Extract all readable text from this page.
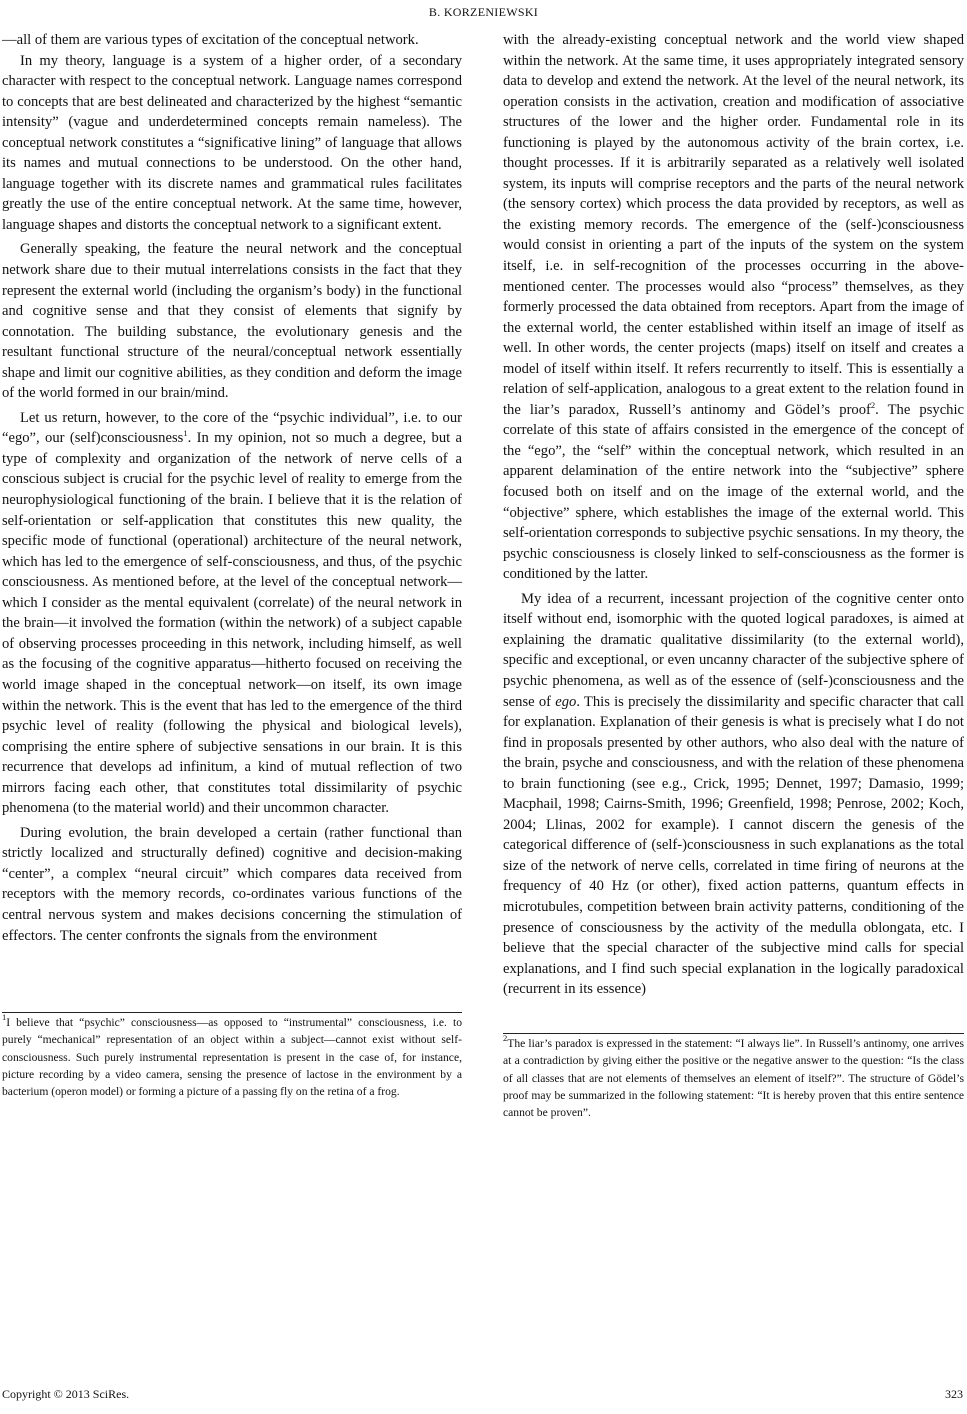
B. KORZENIEWSKI

—all of them are various types of excitation of the conceptual network.

In my theory, language is a system of a higher order, of a secondary character with respect to the conceptual network. Language names correspond to concepts that are best delineated and characterized by the highest “semantic intensity” (vague and underdetermined concepts remain nameless). The conceptual network constitutes a “significative lining” of language that allows its names and mutual connections to be understood. On the other hand, language together with its discrete names and grammatical rules facilitates greatly the use of the entire conceptual network. At the same time, however, language shapes and distorts the conceptual network to a significant extent.

Generally speaking, the feature the neural network and the conceptual network share due to their mutual interrelations consists in the fact that they represent the external world (including the organism’s body) in the functional and cognitive sense and that they consist of elements that signify by connotation. The building substance, the evolutionary genesis and the resultant functional structure of the neural/conceptual network essentially shape and limit our cognitive abilities, as they condition and deform the image of the world formed in our brain/mind.

Let us return, however, to the core of the “psychic individual”, i.e. to our “ego”, our (self)consciousness$^1$. In my opinion, not so much a degree, but a type of complexity and organization of the network of nerve cells of a conscious subject is crucial for the psychic level of reality to emerge from the neurophysiological functioning of the brain. I believe that it is the relation of self-orientation or self-application that constitutes this new quality, the specific mode of functional (operational) architecture of the neural network, which has led to the emergence of self-consciousness, and thus, of the psychic consciousness. As mentioned before, at the level of the conceptual network—which I consider as the mental equivalent (correlate) of the neural network in the brain—it involved the formation (within the network) of a subject capable of observing processes proceeding in this network, including himself, as well as the focusing of the cognitive apparatus—hitherto focused on receiving the world image shaped in the conceptual network—on itself, its own image within the network. This is the event that has led to the emergence of the third psychic level of reality (following the physical and biological levels), comprising the entire sphere of subjective sensations in our brain. It is this recurrence that develops ad infinitum, a kind of mutual reflection of two mirrors facing each other, that constitutes total dissimilarity of psychic phenomena (to the material world) and their uncommon character.

During evolution, the brain developed a certain (rather functional than strictly localized and structurally defined) cognitive and decision-making “center”, a complex “neural circuit” which compares data received from receptors with the memory records, co-ordinates various functions of the central nervous system and makes decisions concerning the stimulation of effectors. The center confronts the signals from the environment

with the already-existing conceptual network and the world view shaped within the network. At the same time, it uses appropriately integrated sensory data to develop and extend the network. At the level of the neural network, its operation consists in the activation, creation and modification of associative structures of the lower and the higher order. Fundamental role in its functioning is played by the autonomous activity of the brain cortex, i.e. thought processes. If it is arbitrarily separated as a relatively well isolated system, its inputs will comprise receptors and the parts of the neural network (the sensory cortex) which process the data provided by receptors, as well as the existing memory records. The emergence of the (self-)consciousness would consist in orienting a part of the inputs of the system on the system itself, i.e. in self-recognition of the processes occurring in the above-mentioned center. The processes would also “process” themselves, as they formerly processed the data obtained from receptors. Apart from the image of the external world, the center established within itself an image of itself as well. In other words, the center projects (maps) itself on itself and creates a model of itself within itself. It refers recurrently to itself. This is essentially a relation of self-application, analogous to a great extent to the relation found in the liar’s paradox, Russell’s antinomy and Gödel’s proof$^2$. The psychic correlate of this state of affairs consisted in the emergence of the concept of the “ego”, the “self” within the conceptual network, which resulted in an apparent delamination of the entire network into the “subjective” sphere focused both on itself and on the image of the external world, and the “objective” sphere, which establishes the image of the external world. This self-orientation corresponds to subjective psychic sensations. In my theory, the psychic consciousness is closely linked to self-consciousness as the former is conditioned by the latter.

My idea of a recurrent, incessant projection of the cognitive center onto itself without end, isomorphic with the quoted logical paradoxes, is aimed at explaining the dramatic qualitative dissimilarity (to the external world), specific and exceptional, or even uncanny character of the subjective sphere of psychic phenomena, as well as of the essence of (self-)consciousness and the sense of ego. This is precisely the dissimilarity and specific character that call for explanation. Explanation of their genesis is what is precisely what I do not find in proposals presented by other authors, who also deal with the nature of the brain, psyche and consciousness, and with the relation of these phenomena to brain functioning (see e.g., Crick, 1995; Dennet, 1997; Damasio, 1999; Macphail, 1998; Cairns-Smith, 1996; Greenfield, 1998; Penrose, 2002; Koch, 2004; Llinas, 2002 for example). I cannot discern the genesis of the categorical difference of (self-)consciousness in such explanations as the total size of the network of nerve cells, correlated in time firing of neurons at the frequency of 40 Hz (or other), fixed action patterns, quantum effects in microtubules, competition between brain activity patterns, conditioning of the presence of consciousness by the activity of the medulla oblongata, etc. I believe that the special character of the subjective mind calls for special explanations, and I find such special explanation in the logically paradoxical (recurrent in its essence)

$^1$I believe that “psychic” consciousness—as opposed to “instrumental” consciousness, i.e. to purely “mechanical” representation of an object within a subject—cannot exist without self-consciousness. Such purely instrumental representation is present in the case of, for instance, picture recording by a video camera, sensing the presence of lactose in the environment by a bacterium (operon model) or forming a picture of a passing fly on the retina of a frog.

$^2$The liar’s paradox is expressed in the statement: “I always lie”. In Russell’s antinomy, one arrives at a contradiction by giving either the positive or the negative answer to the question: “Is the class of all classes that are not elements of themselves an element of itself?”. The structure of Gödel’s proof may be summarized in the following statement: “It is hereby proven that this entire sentence cannot be proven”.

Copyright © 2013 SciRes.	323
